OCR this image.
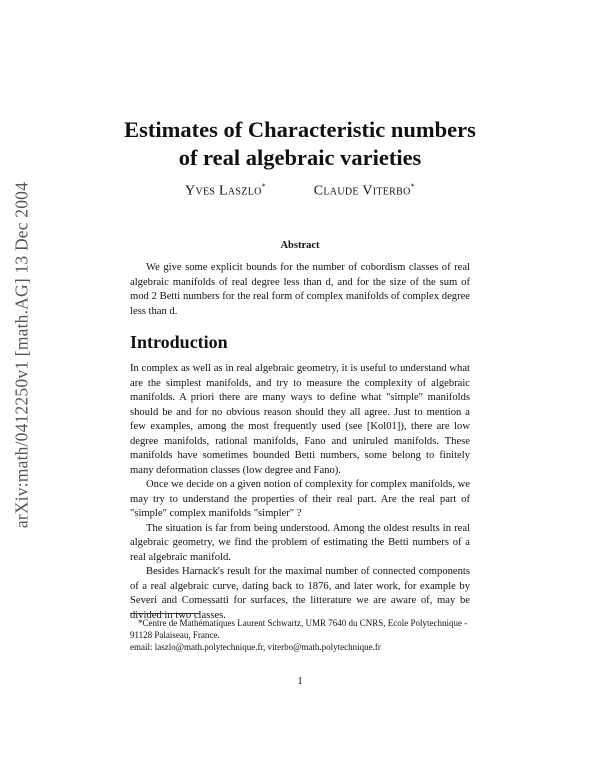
arXiv:math/0412250v1 [math.AG] 13 Dec 2004
Estimates of Characteristic numbers
of real algebraic varieties
Yves Laszlo*	Claude Viterbo*
Abstract
We give some explicit bounds for the number of cobordism classes of real algebraic manifolds of real degree less than d, and for the size of the sum of mod 2 Betti numbers for the real form of complex manifolds of complex degree less than d.
Introduction

In complex as well as in real algebraic geometry, it is useful to understand what are the simplest manifolds, and try to measure the complexity of algebraic manifolds. A priori there are many ways to define what "simple" manifolds should be and for no obvious reason should they all agree. Just to mention a few examples, among the most frequently used (see [Kol01]), there are low degree manifolds, rational manifolds, Fano and uniruled manifolds. These manifolds have sometimes bounded Betti numbers, some belong to finitely many deformation classes (low degree and Fano).

Once we decide on a given notion of complexity for complex manifolds, we may try to understand the properties of their real part. Are the real part of "simple" complex manifolds "simpler" ?

The situation is far from being understood. Among the oldest results in real algebraic geometry, we find the problem of estimating the Betti numbers of a real algebraic manifold.

Besides Harnack's result for the maximal number of connected components of a real algebraic curve, dating back to 1876, and later work, for example by Severi and Comessatti for surfaces, the litterature we are aware of, may be divided in two classes.

*Centre de Mathématiques Laurent Schwartz, UMR 7640 du CNRS, Ecole Polytechnique - 91128 Palaiseau, France.

email: laszlo@math.polytechnique.fr, viterbo@math.polytechnique.fr

1
